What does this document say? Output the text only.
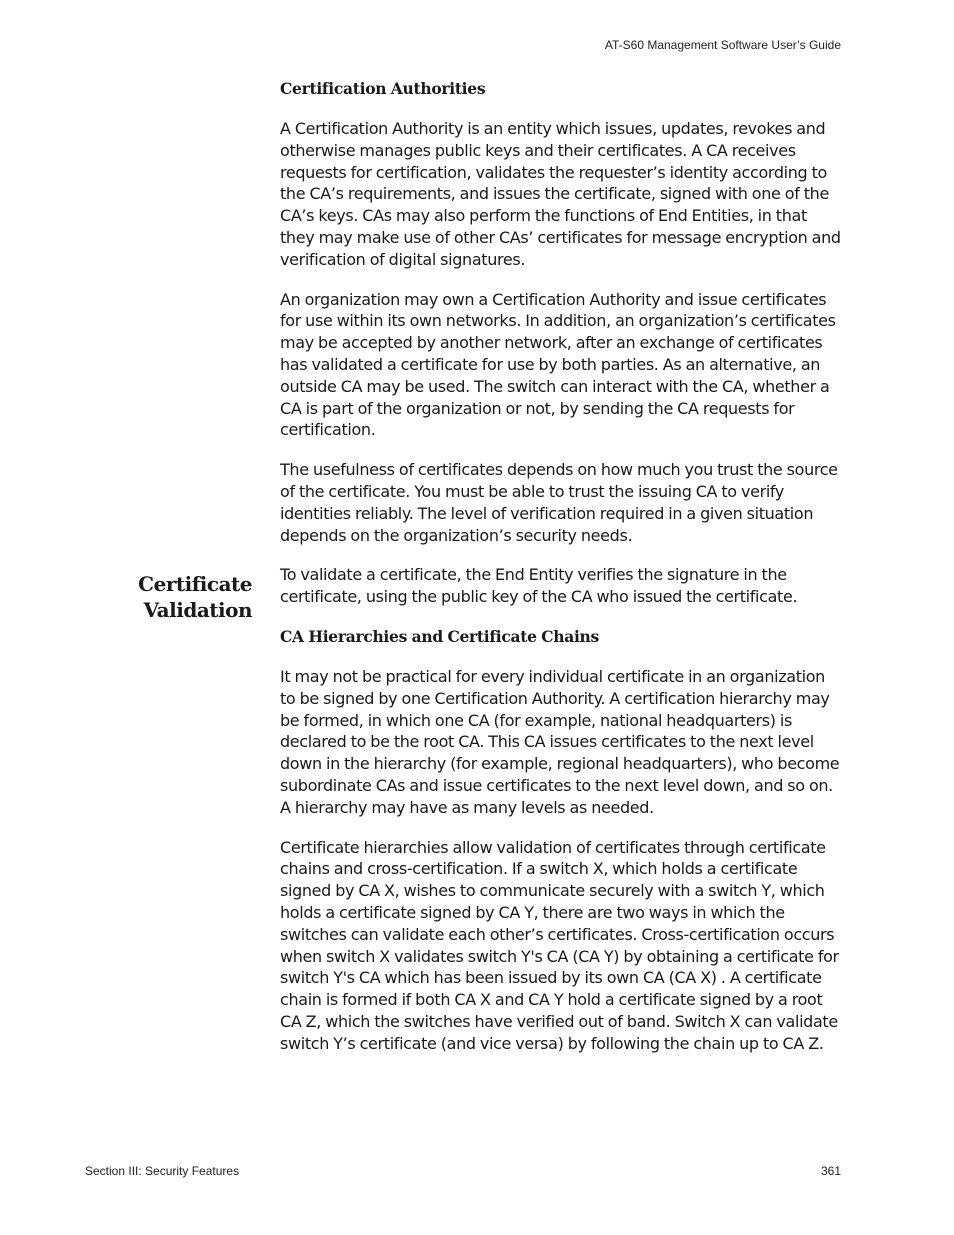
AT-S60 Management Software User’s Guide
Certificate
Validation
Certification Authorities

A Certification Authority is an entity which issues, updates, revokes and otherwise manages public keys and their certificates. A CA receives requests for certification, validates the requester’s identity according to the CA’s requirements, and issues the certificate, signed with one of the CA’s keys. CAs may also perform the functions of End Entities, in that they may make use of other CAs’ certificates for message encryption and verification of digital signatures.

An organization may own a Certification Authority and issue certificates for use within its own networks. In addition, an organization’s certificates may be accepted by another network, after an exchange of certificates has validated a certificate for use by both parties. As an alternative, an outside CA may be used. The switch can interact with the CA, whether a CA is part of the organization or not, by sending the CA requests for certification.

The usefulness of certificates depends on how much you trust the source of the certificate. You must be able to trust the issuing CA to verify identities reliably. The level of verification required in a given situation depends on the organization’s security needs.

To validate a certificate, the End Entity verifies the signature in the certificate, using the public key of the CA who issued the certificate.

CA Hierarchies and Certificate Chains

It may not be practical for every individual certificate in an organization to be signed by one Certification Authority. A certification hierarchy may be formed, in which one CA (for example, national headquarters) is declared to be the root CA. This CA issues certificates to the next level down in the hierarchy (for example, regional headquarters), who become subordinate CAs and issue certificates to the next level down, and so on. A hierarchy may have as many levels as needed.

Certificate hierarchies allow validation of certificates through certificate chains and cross-certification. If a switch X, which holds a certificate signed by CA X, wishes to communicate securely with a switch Y, which holds a certificate signed by CA Y, there are two ways in which the switches can validate each other’s certificates. Cross-certification occurs when switch X validates switch Y's CA (CA Y) by obtaining a certificate for switch Y's CA which has been issued by its own CA (CA X) . A certificate chain is formed if both CA X and CA Y hold a certificate signed by a root CA Z, which the switches have verified out of band. Switch X can validate switch Y’s certificate (and vice versa) by following the chain up to CA Z.

Section III: Security Features	361
